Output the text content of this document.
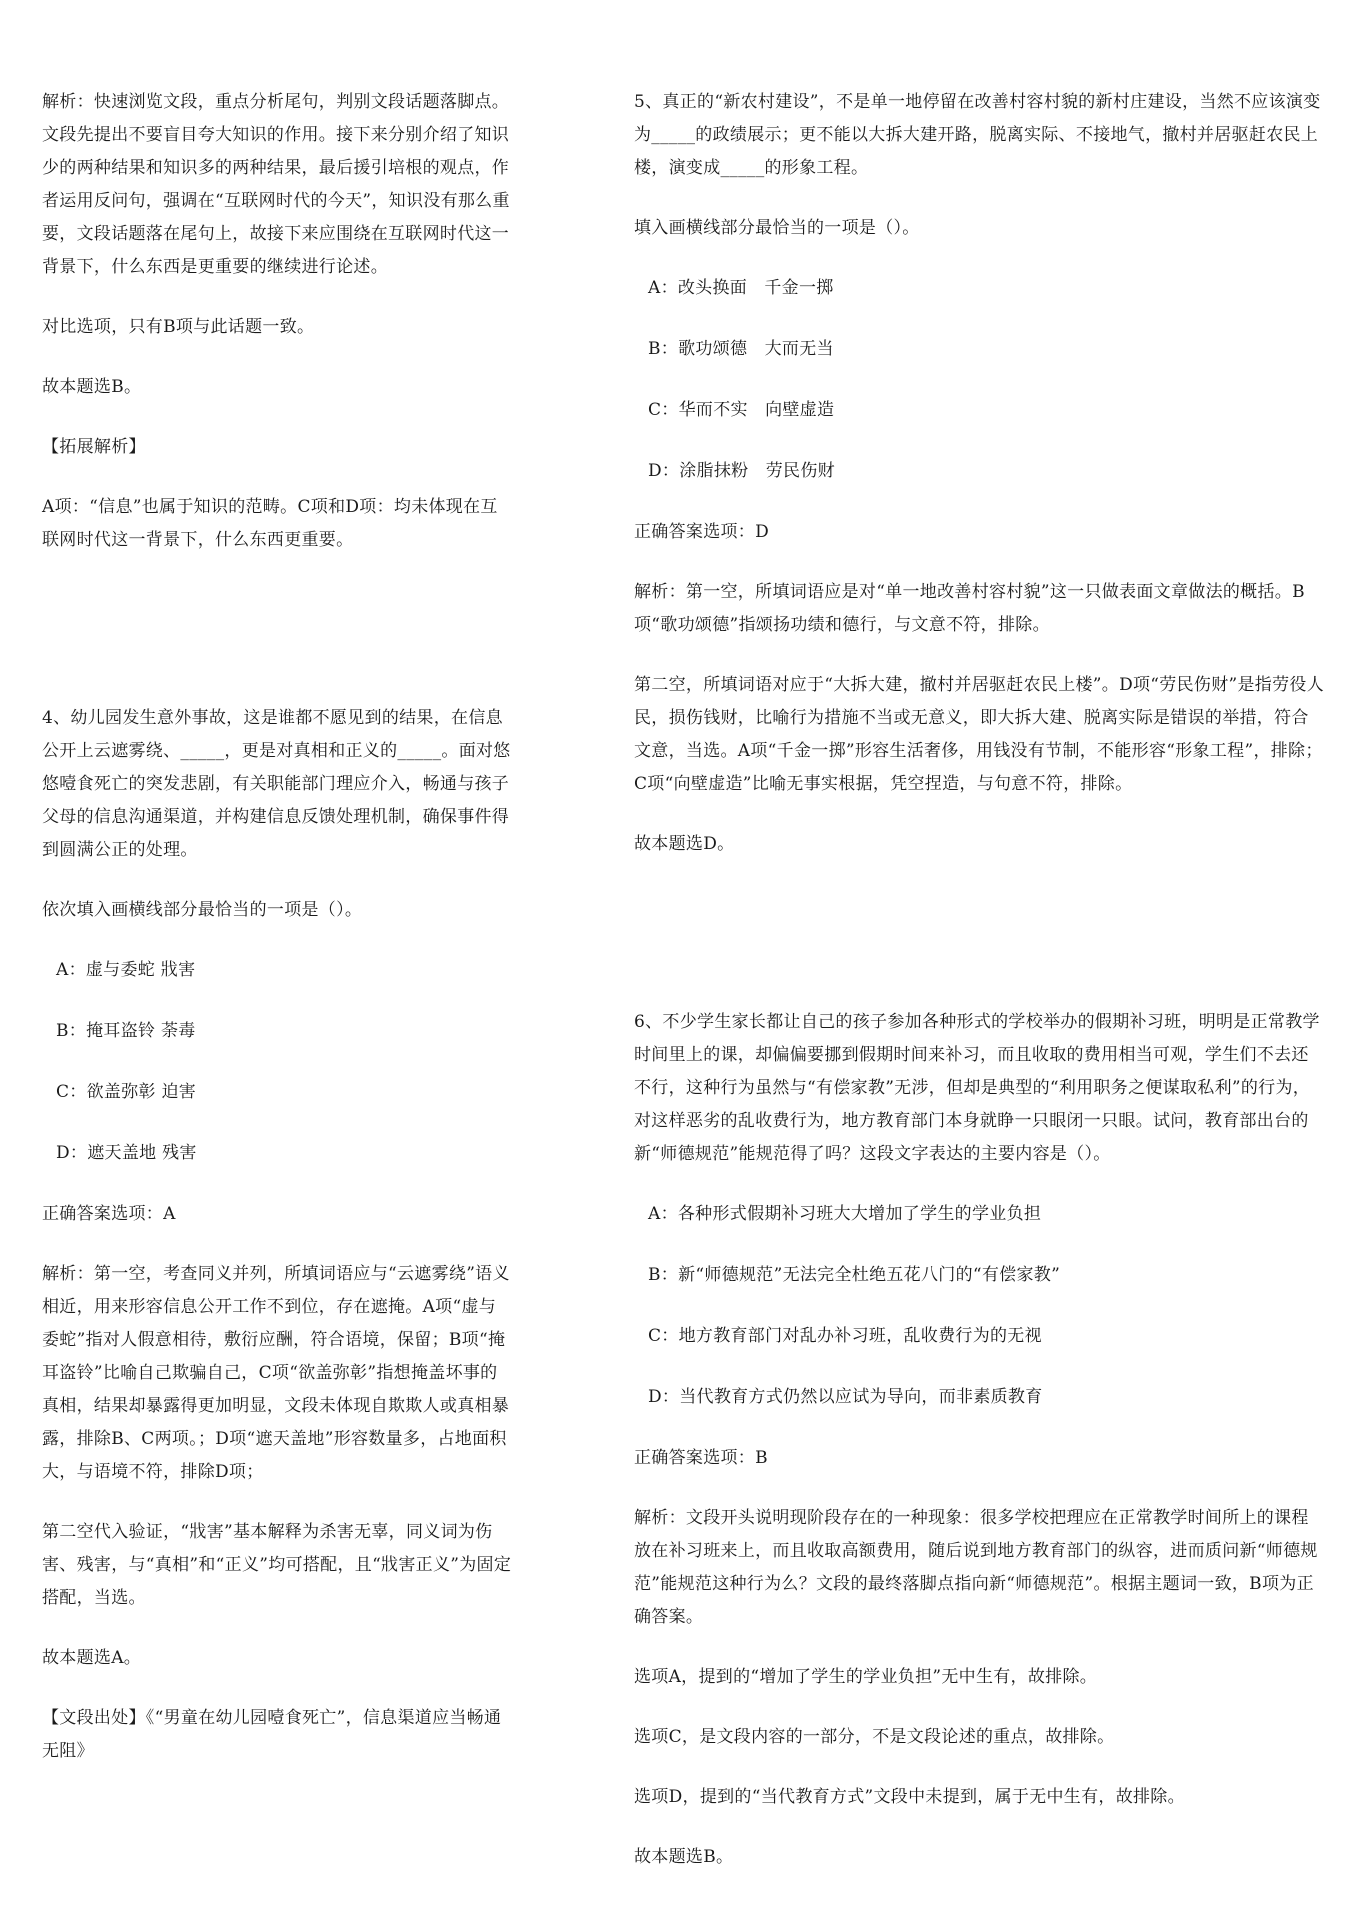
解析：快速浏览文段，重点分析尾句，判别文段话题落脚点。文段先提出不要盲目夸大知识的作用。接下来分别介绍了知识少的两种结果和知识多的两种结果，最后援引培根的观点，作者运用反问句，强调在“互联网时代的今天”，知识没有那么重要，文段话题落在尾句上，故接下来应围绕在互联网时代这一背景下，什么东西是更重要的继续进行论述。

对比选项，只有B项与此话题一致。

故本题选B。

【拓展解析】

A项：“信息”也属于知识的范畴。C项和D项：均未体现在互联网时代这一背景下，什么东西更重要。

4、幼儿园发生意外事故，这是谁都不愿见到的结果，在信息公开上云遮雾绕、_____，更是对真相和正义的_____。面对悠悠噎食死亡的突发悲剧，有关职能部门理应介入，畅通与孩子父母的信息沟通渠道，并构建信息反馈处理机制，确保事件得到圆满公正的处理。

依次填入画横线部分最恰当的一项是（）。

A：虚与委蛇 戕害

B：掩耳盗铃 荼毒

C：欲盖弥彰 迫害

D：遮天盖地 残害

正确答案选项：A

解析：第一空，考查同义并列，所填词语应与“云遮雾绕”语义相近，用来形容信息公开工作不到位，存在遮掩。A项“虚与委蛇”指对人假意相待，敷衍应酬，符合语境，保留；B项“掩耳盗铃”比喻自己欺骗自己，C项“欲盖弥彰”指想掩盖坏事的真相，结果却暴露得更加明显，文段未体现自欺欺人或真相暴露，排除B、C两项。；D项“遮天盖地”形容数量多，占地面积大，与语境不符，排除D项；

第二空代入验证，“戕害”基本解释为杀害无辜，同义词为伤害、残害，与“真相”和“正义”均可搭配，且“戕害正义”为固定搭配，当选。

故本题选A。

【文段出处】《“男童在幼儿园噎食死亡”，信息渠道应当畅通无阻》

5、真正的“新农村建设”，不是单一地停留在改善村容村貌的新村庄建设，当然不应该演变为_____的政绩展示；更不能以大拆大建开路，脱离实际、不接地气，撤村并居驱赶农民上楼，演变成_____的形象工程。

填入画横线部分最恰当的一项是（）。

A：改头换面　千金一掷

B：歌功颂德　大而无当

C：华而不实　向壁虚造

D：涂脂抹粉　劳民伤财

正确答案选项：D

解析：第一空，所填词语应是对“单一地改善村容村貌”这一只做表面文章做法的概括。B项“歌功颂德”指颂扬功绩和德行，与文意不符，排除。

第二空，所填词语对应于“大拆大建，撤村并居驱赶农民上楼”。D项“劳民伤财”是指劳役人民，损伤钱财，比喻行为措施不当或无意义，即大拆大建、脱离实际是错误的举措，符合文意，当选。A项“千金一掷”形容生活奢侈，用钱没有节制，不能形容“形象工程”，排除；C项“向壁虚造”比喻无事实根据，凭空捏造，与句意不符，排除。

故本题选D。

6、不少学生家长都让自己的孩子参加各种形式的学校举办的假期补习班，明明是正常教学时间里上的课，却偏偏要挪到假期时间来补习，而且收取的费用相当可观，学生们不去还不行，这种行为虽然与“有偿家教”无涉，但却是典型的“利用职务之便谋取私利”的行为，对这样恶劣的乱收费行为，地方教育部门本身就睁一只眼闭一只眼。试问，教育部出台的新“师德规范”能规范得了吗？这段文字表达的主要内容是（）。

A：各种形式假期补习班大大增加了学生的学业负担

B：新“师德规范”无法完全杜绝五花八门的“有偿家教”

C：地方教育部门对乱办补习班，乱收费行为的无视

D：当代教育方式仍然以应试为导向，而非素质教育

正确答案选项：B

解析：文段开头说明现阶段存在的一种现象：很多学校把理应在正常教学时间所上的课程放在补习班来上，而且收取高额费用，随后说到地方教育部门的纵容，进而质问新“师德规范”能规范这种行为么？文段的最终落脚点指向新“师德规范”。根据主题词一致，B项为正确答案。

选项A，提到的“增加了学生的学业负担”无中生有，故排除。

选项C，是文段内容的一部分，不是文段论述的重点，故排除。

选项D，提到的“当代教育方式”文段中未提到，属于无中生有，故排除。

故本题选B。
